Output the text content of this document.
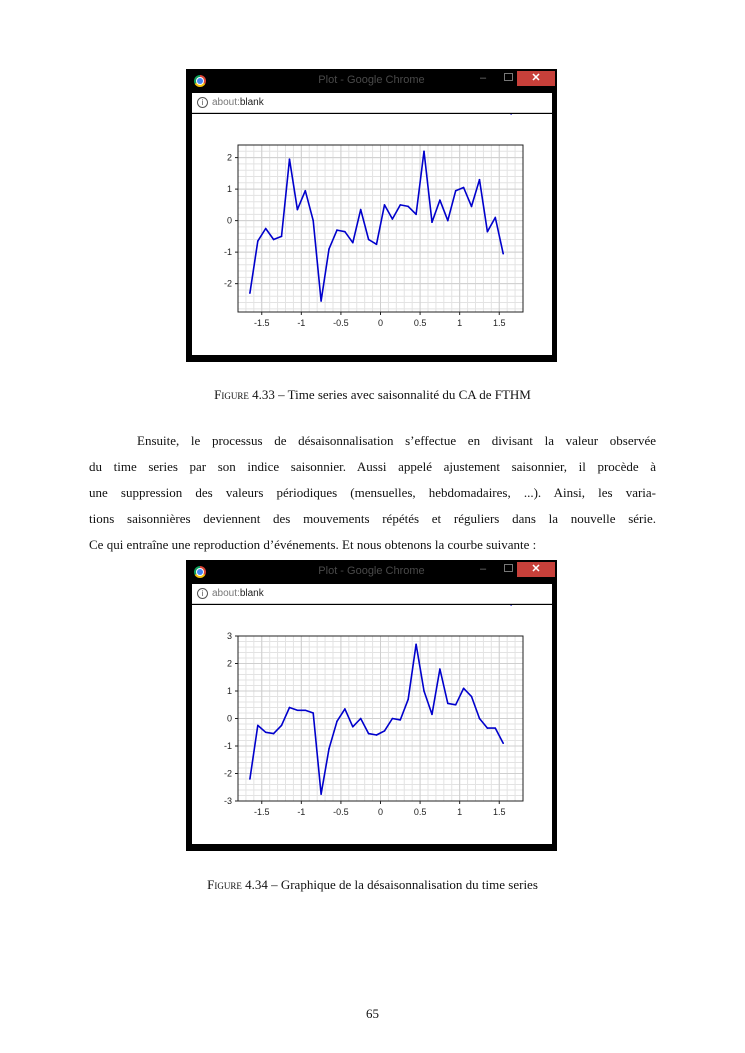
Plot - Google Chrome	–	✕
i about:blank
-1.5	-1	-0.5	0	0.5	1	1.5
-2
-1
0
1
2
Figure 4.33 – Time series avec saisonnalité du CA de FTHM
Ensuite, le processus de désaisonnalisation s’effectue en divisant la valeur observée
du time series par son indice saisonnier. Aussi appelé ajustement saisonnier, il procède à
une suppression des valeurs périodiques (mensuelles, hebdomadaires, ...). Ainsi, les varia-
tions saisonnières deviennent des mouvements répétés et réguliers dans la nouvelle série.
Ce qui entraîne une reproduction d’événements. Et nous obtenons la courbe suivante :
Plot - Google Chrome	–	✕
i about:blank
-1.5	-1	-0.5	0	0.5	1	1.5
-3
-2
-1
0
1
2
3
Figure 4.34 – Graphique de la désaisonnalisation du time series
65
